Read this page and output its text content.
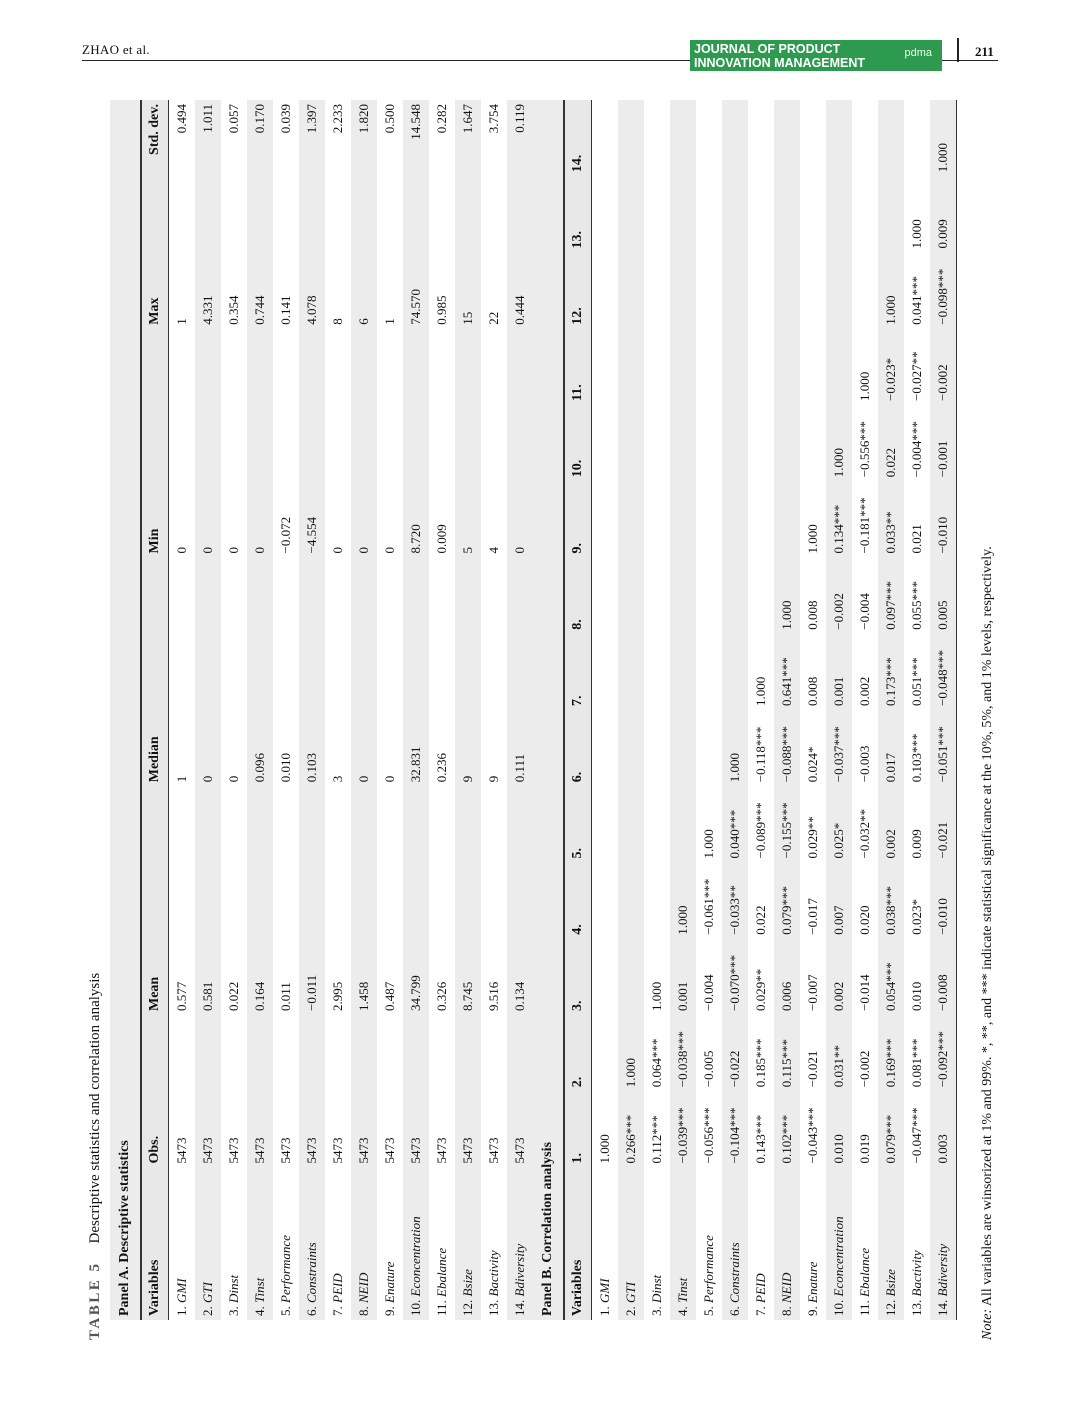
ZHAO et al.	JOURNAL OF PRODUCT
INNOVATION MANAGEMENT
pdma	211
TABLE 5
Descriptive statistics and correlation analysis Panel A. Descriptive statistics														
Variables	Obs.		Mean			Median			Min			Max		Std. dev.
1. GMI	5473		0.577			1			0			1		0.494
2. GTI	5473		0.581			0			0			4.331		1.011
3. Dinst	5473		0.022			0			0			0.354		0.057
4. Tinst	5473		0.164			0.096			0			0.744		0.170
5. Performance	5473		0.011			0.010			−0.072			0.141		0.039
6. Constraints	5473		−0.011			0.103			−4.554			4.078		1.397
7. PEID	5473		2.995			3			0			8		2.233
8. NEID	5473		1.458			0			0			6		1.820
9. Enature	5473		0.487			0			0			1		0.500
10. Econcentration	5473		34.799			32.831			8.720			74.570		14.548
11. Ebalance	5473		0.326			0.236			0.009			0.985		0.282
12. Bsize	5473		8.745			9			5			15		1.647
13. Bactivity	5473		9.516			9			4			22		3.754
14. Bdiversity	5473		0.134			0.111			0			0.444		0.119
Panel B. Correlation analysis														
Variables	1.	2.	3.	4.	5.	6.	7.	8.	9.	10.	11.	12.	13.	14.
1. GMI	1.000													
2. GTI	0.266***	1.000												
3. Dinst	0.112***	0.064***	1.000											
4. Tinst	−0.039***	−0.038***	0.001	1.000										
5. Performance	−0.056***	−0.005	−0.004	−0.061***	1.000									
6. Constraints	−0.104***	−0.022	−0.070***	−0.033**	0.040***	1.000								
7. PEID	0.143***	0.185***	0.029**	0.022	−0.089***	−0.118***	1.000							
8. NEID	0.102***	0.115***	0.006	0.079***	−0.155***	−0.088***	0.641***	1.000						
9. Enature	−0.043***	−0.021	−0.007	−0.017	0.029**	0.024*	0.008	0.008	1.000					
10. Econcentration	0.010	0.031**	0.002	0.007	0.025*	−0.037***	0.001	−0.002	0.134***	1.000				
11. Ebalance	0.019	−0.002	−0.014	0.020	−0.032**	−0.003	0.002	−0.004	−0.181***	−0.556***	1.000			
12. Bsize	0.079***	0.169***	0.054***	0.038***	0.002	0.017	0.173***	0.097***	0.033**	0.022	−0.023*	1.000		
13. Bactivity	−0.047***	0.081***	0.010	0.023*	0.009	0.103***	0.051***	0.055***	0.021	−0.004***	−0.027**	0.041***	1.000	
14. Bdiversity	0.003	−0.092***	−0.008	−0.010	−0.021	−0.051***	−0.048***	0.005	−0.010	−0.001	−0.002	−0.098***	0.009	1.000
Note: All variables are winsorized at 1% and 99%. *, **, and *** indicate statistical significance at the 10%, 5%, and 1% levels, respectively.
